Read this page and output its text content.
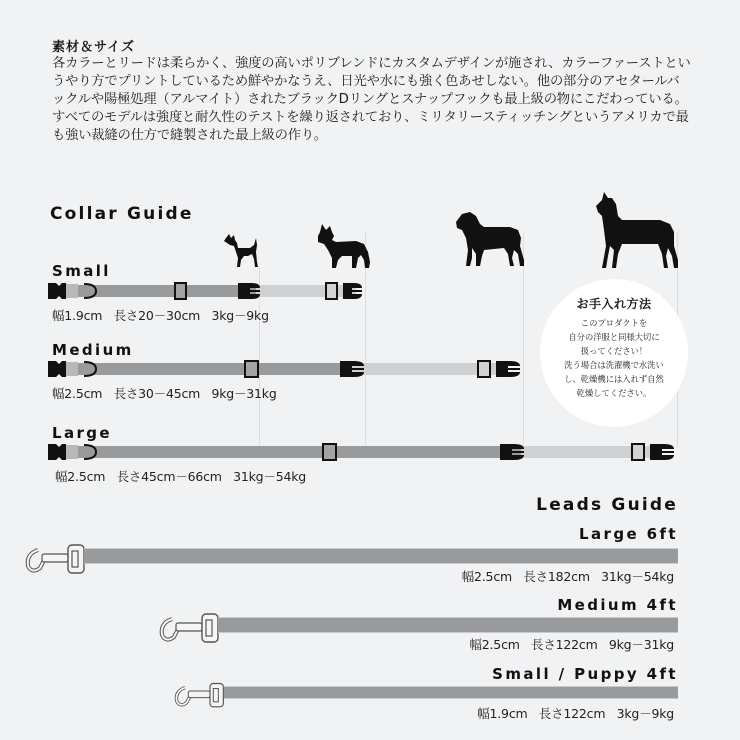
素材＆サイズ

各カラーとリードは柔らかく、強度の高いポリブレンドにカスタムデザインが施され、カラーファーストというやり方でプリントしているため鮮やかなうえ、日光や水にも強く色あせしない。他の部分のアセタールバックルや陽極処理（アルマイト）されたブラックDリングとスナップフックも最上級の物にこだわっている。

すべてのモデルは強度と耐久性のテストを繰り返されており、ミリタリースティッチングというアメリカで最も強い裁縫の仕方で縫製された最上級の作り。

Collar Guide
Small
幅1.9cm 長さ20－30cm 3kg－9kg
Medium
幅2.5cm 長さ30－45cm 9kg－31kg
お手入れ方法
このプロダクトを
自分の洋服と同様大切に
扱ってください！
洗う場合は洗濯機で水洗い
し、乾燥機には入れず自然
乾燥してください。
Large
幅2.5cm 長さ45cm－66cm 31kg－54kg
Leads Guide
Large 6ft
幅2.5cm 長さ182cm 31kg－54kg
Medium 4ft
幅2.5cm 長さ122cm 9kg－31kg
Small / Puppy 4ft
幅1.9cm 長さ122cm 3kg－9kg
